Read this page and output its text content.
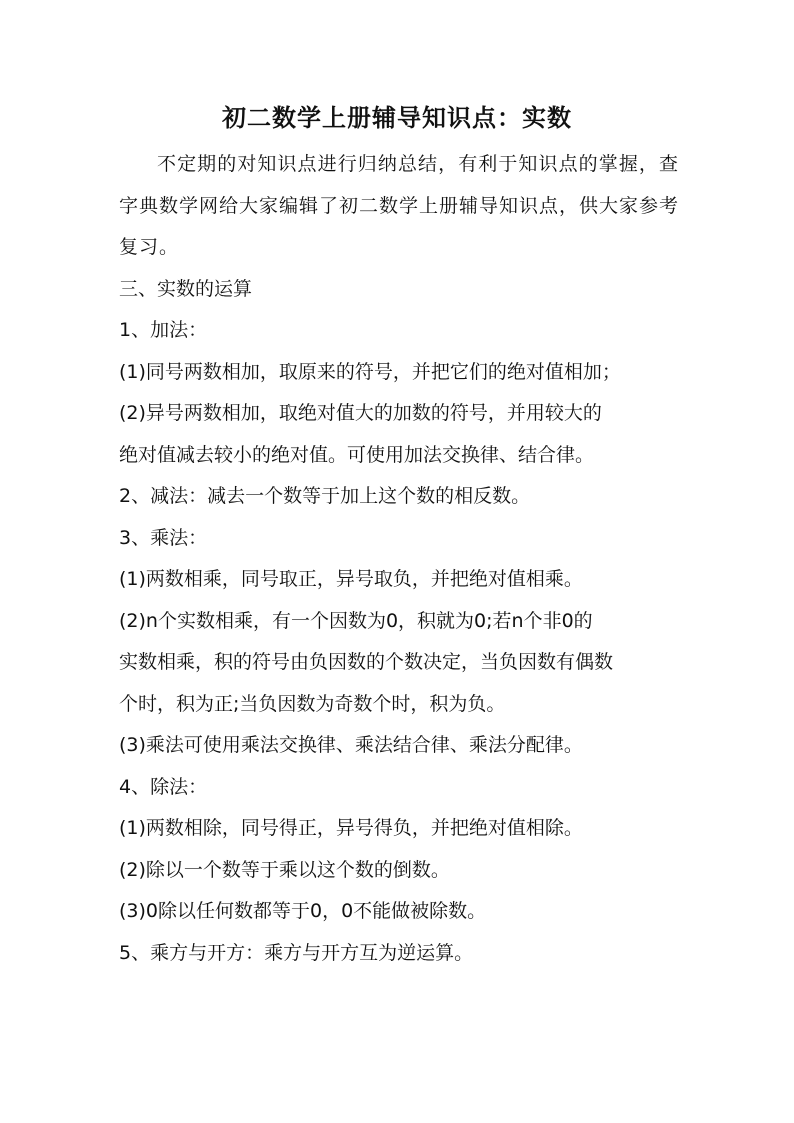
初二数学上册辅导知识点：实数

不定期的对知识点进行归纳总结，有利于知识点的掌握，查字典数学网给大家编辑了初二数学上册辅导知识点，供大家参考复习。

三、实数的运算

1、加法：

(1)同号两数相加，取原来的符号，并把它们的绝对值相加；

(2)异号两数相加，取绝对值大的加数的符号，并用较大的

绝对值减去较小的绝对值。可使用加法交换律、结合律。

2、减法：减去一个数等于加上这个数的相反数。

3、乘法：

(1)两数相乘，同号取正，异号取负，并把绝对值相乘。

(2)n个实数相乘，有一个因数为0，积就为0;若n个非0的

实数相乘，积的符号由负因数的个数决定，当负因数有偶数

个时，积为正;当负因数为奇数个时，积为负。

(3)乘法可使用乘法交换律、乘法结合律、乘法分配律。

4、除法：

(1)两数相除，同号得正，异号得负，并把绝对值相除。

(2)除以一个数等于乘以这个数的倒数。

(3)0除以任何数都等于0，0不能做被除数。

5、乘方与开方：乘方与开方互为逆运算。
